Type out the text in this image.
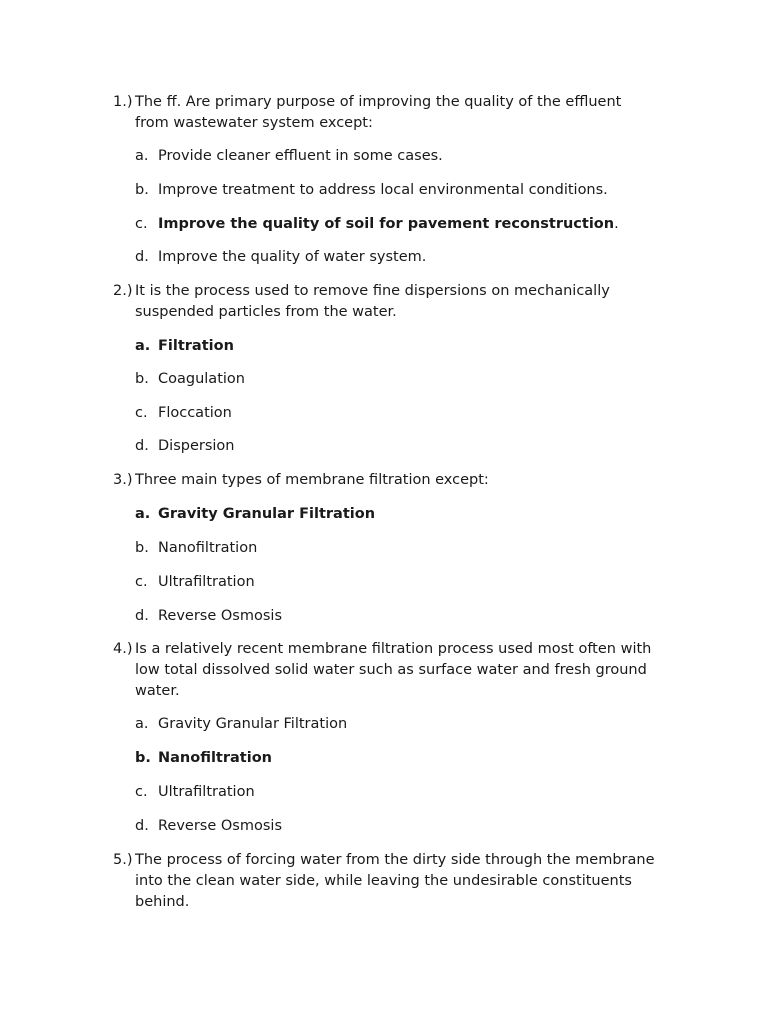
1.) The ff. Are primary purpose of improving the quality of the effluent
from wastewater system except:
a. Provide cleaner effluent in some cases.
b. Improve treatment to address local environmental conditions.
c. Improve the quality of soil for pavement reconstruction.
d. Improve the quality of water system.
2.) It is the process used to remove fine dispersions on mechanically
suspended particles from the water.
a. Filtration
b. Coagulation
c. Floccation
d. Dispersion
3.) Three main types of membrane filtration except:
a. Gravity Granular Filtration
b. Nanofiltration
c. Ultrafiltration
d. Reverse Osmosis
4.) Is a relatively recent membrane filtration process used most often with
low total dissolved solid water such as surface water and fresh ground
water.
a. Gravity Granular Filtration
b. Nanofiltration
c. Ultrafiltration
d. Reverse Osmosis
5.) The process of forcing water from the dirty side through the membrane
into the clean water side, while leaving the undesirable constituents
behind.
